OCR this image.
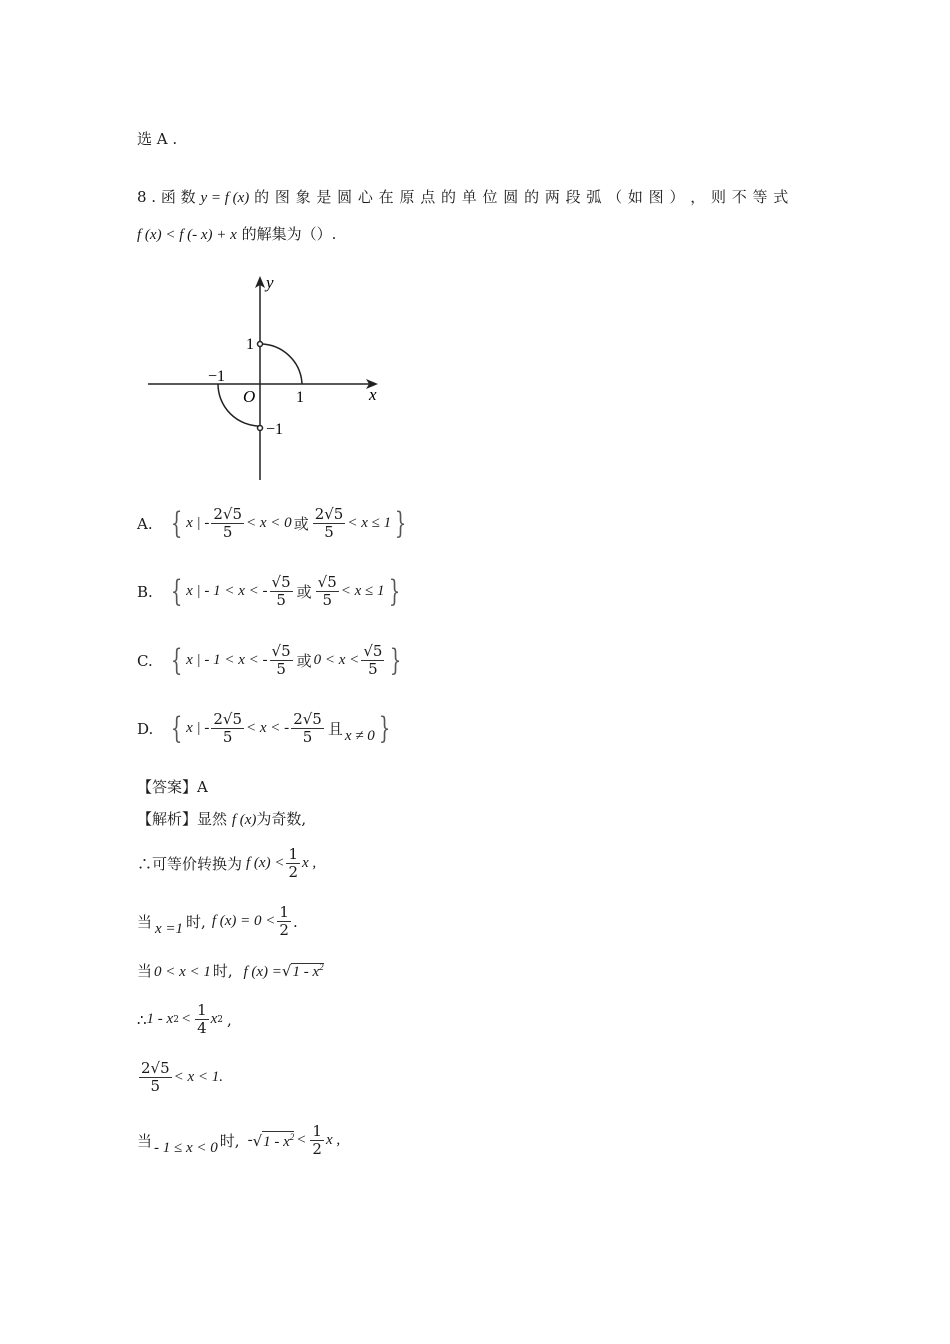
选 A .
8 . 函 数 y = f (x) 的 图 象 是 圆 心 在 原 点 的 单 位 圆 的 两 段 弧 （ 如 图 ） ， 则 不 等 式
f (x) < f (- x) + x 的解集为（）.
y
x
O	1
−1
1
−1
A. { x | - $\frac{2√5}{5} < x < 0$ 或 $\frac{2√5}{5} < x \le 1$ }
B. { x | - 1 < x < - $\frac{√5}{5}$ 或 $\frac{√5}{5} < x \le 1$ }
C. { x | - 1 < x < - $\frac{√5}{5}$ 或 $0 < x < \frac{√5}{5}$ }
D. { x | - $\frac{2√5}{5} < x$ < - $\frac{2√5}{5}$ 且 x ≠ 0 }
【答案】A
【解析】显然 f (x)为奇数,
∴可等价转换为 f $(x) < \frac{1}{2}$ x ,
当 x =1 时, f $(x) = 0 < \frac{1}{2}$ .
当 0 < x < 1 时, f $(x) =√1 - x^2$
∴ 1 - x $2 < \frac{1}{4}$ x 2 ,
$\frac{2√5}{5} < x < 1$.
当 - 1 ≤ x < 0 时, - √ $1 - x^2 < \frac{1}{2}$ x ,
